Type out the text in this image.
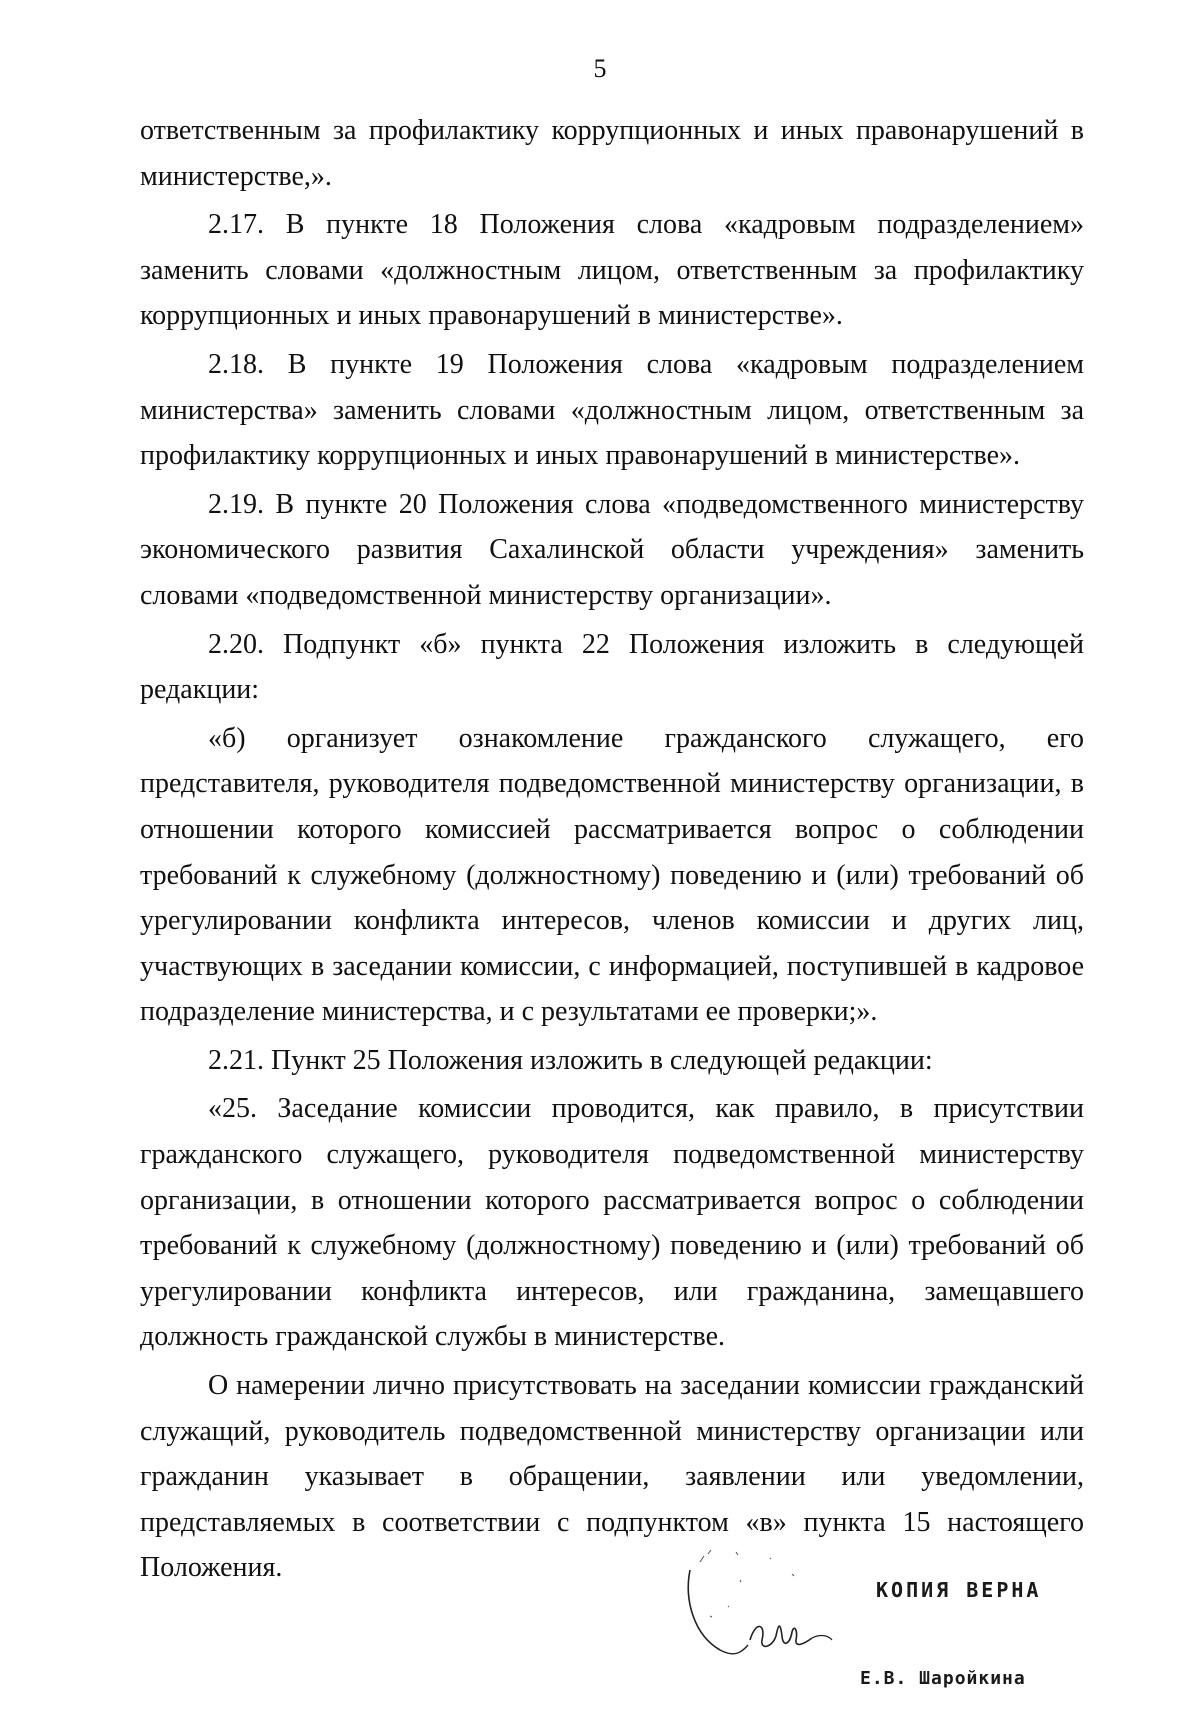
5

ответственным за профилактику коррупционных и иных правонарушений в министерстве,».

2.17. В пункте 18 Положения слова «кадровым подразделением» заменить словами «должностным лицом, ответственным за профилактику коррупционных и иных правонарушений в министерстве».

2.18. В пункте 19 Положения слова «кадровым подразделением министерства» заменить словами «должностным лицом, ответственным за профилактику коррупционных и иных правонарушений в министерстве».

2.19. В пункте 20 Положения слова «подведомственного министерству экономического развития Сахалинской области учреждения» заменить словами «подведомственной министерству организации».

2.20. Подпункт «б» пункта 22 Положения изложить в следующей редакции:

«б) организует ознакомление гражданского служащего, его представителя, руководителя подведомственной министерству организации, в отношении которого комиссией рассматривается вопрос о соблюдении требований к служебному (должностному) поведению и (или) требований об урегулировании конфликта интересов, членов комиссии и других лиц, участвующих в заседании комиссии, с информацией, поступившей в кадровое подразделение министерства, и с результатами ее проверки;».

2.21. Пункт 25 Положения изложить в следующей редакции:

«25. Заседание комиссии проводится, как правило, в присутствии гражданского служащего, руководителя подведомственной министерству организации, в отношении которого рассматривается вопрос о соблюдении требований к служебному (должностному) поведению и (или) требований об урегулировании конфликта интересов, или гражданина, замещавшего должность гражданской службы в министерстве.

О намерении лично присутствовать на заседании комиссии гражданский служащий, руководитель подведомственной министерству организации или гражданин указывает в обращении, заявлении или уведомлении, представляемых в соответствии с подпунктом «в» пункта 15 настоящего Положения.

КОПИЯ ВЕРНА
Е.В. Шаройкина
